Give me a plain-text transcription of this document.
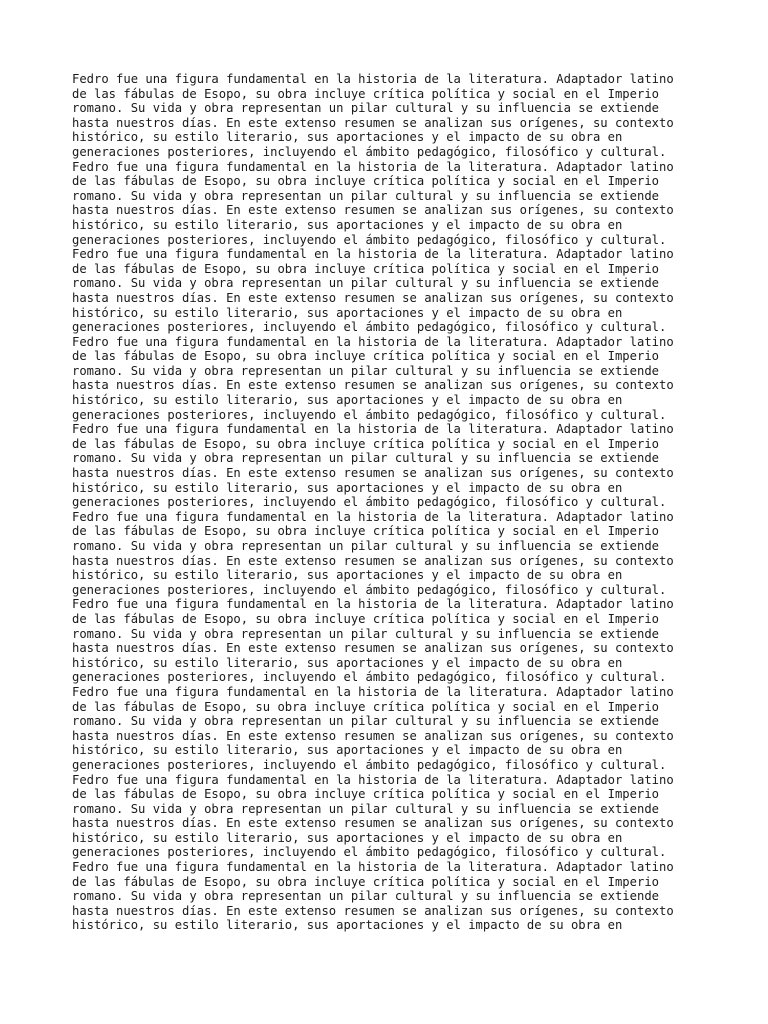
Fedro fue una figura fundamental en la historia de la literatura. Adaptador latino
de las fábulas de Esopo, su obra incluye crítica política y social en el Imperio
romano. Su vida y obra representan un pilar cultural y su influencia se extiende
hasta nuestros días. En este extenso resumen se analizan sus orígenes, su contexto
histórico, su estilo literario, sus aportaciones y el impacto de su obra en
generaciones posteriores, incluyendo el ámbito pedagógico, filosófico y cultural.
Fedro fue una figura fundamental en la historia de la literatura. Adaptador latino
de las fábulas de Esopo, su obra incluye crítica política y social en el Imperio
romano. Su vida y obra representan un pilar cultural y su influencia se extiende
hasta nuestros días. En este extenso resumen se analizan sus orígenes, su contexto
histórico, su estilo literario, sus aportaciones y el impacto de su obra en
generaciones posteriores, incluyendo el ámbito pedagógico, filosófico y cultural.
Fedro fue una figura fundamental en la historia de la literatura. Adaptador latino
de las fábulas de Esopo, su obra incluye crítica política y social en el Imperio
romano. Su vida y obra representan un pilar cultural y su influencia se extiende
hasta nuestros días. En este extenso resumen se analizan sus orígenes, su contexto
histórico, su estilo literario, sus aportaciones y el impacto de su obra en
generaciones posteriores, incluyendo el ámbito pedagógico, filosófico y cultural.
Fedro fue una figura fundamental en la historia de la literatura. Adaptador latino
de las fábulas de Esopo, su obra incluye crítica política y social en el Imperio
romano. Su vida y obra representan un pilar cultural y su influencia se extiende
hasta nuestros días. En este extenso resumen se analizan sus orígenes, su contexto
histórico, su estilo literario, sus aportaciones y el impacto de su obra en
generaciones posteriores, incluyendo el ámbito pedagógico, filosófico y cultural.
Fedro fue una figura fundamental en la historia de la literatura. Adaptador latino
de las fábulas de Esopo, su obra incluye crítica política y social en el Imperio
romano. Su vida y obra representan un pilar cultural y su influencia se extiende
hasta nuestros días. En este extenso resumen se analizan sus orígenes, su contexto
histórico, su estilo literario, sus aportaciones y el impacto de su obra en
generaciones posteriores, incluyendo el ámbito pedagógico, filosófico y cultural.
Fedro fue una figura fundamental en la historia de la literatura. Adaptador latino
de las fábulas de Esopo, su obra incluye crítica política y social en el Imperio
romano. Su vida y obra representan un pilar cultural y su influencia se extiende
hasta nuestros días. En este extenso resumen se analizan sus orígenes, su contexto
histórico, su estilo literario, sus aportaciones y el impacto de su obra en
generaciones posteriores, incluyendo el ámbito pedagógico, filosófico y cultural.
Fedro fue una figura fundamental en la historia de la literatura. Adaptador latino
de las fábulas de Esopo, su obra incluye crítica política y social en el Imperio
romano. Su vida y obra representan un pilar cultural y su influencia se extiende
hasta nuestros días. En este extenso resumen se analizan sus orígenes, su contexto
histórico, su estilo literario, sus aportaciones y el impacto de su obra en
generaciones posteriores, incluyendo el ámbito pedagógico, filosófico y cultural.
Fedro fue una figura fundamental en la historia de la literatura. Adaptador latino
de las fábulas de Esopo, su obra incluye crítica política y social en el Imperio
romano. Su vida y obra representan un pilar cultural y su influencia se extiende
hasta nuestros días. En este extenso resumen se analizan sus orígenes, su contexto
histórico, su estilo literario, sus aportaciones y el impacto de su obra en
generaciones posteriores, incluyendo el ámbito pedagógico, filosófico y cultural.
Fedro fue una figura fundamental en la historia de la literatura. Adaptador latino
de las fábulas de Esopo, su obra incluye crítica política y social en el Imperio
romano. Su vida y obra representan un pilar cultural y su influencia se extiende
hasta nuestros días. En este extenso resumen se analizan sus orígenes, su contexto
histórico, su estilo literario, sus aportaciones y el impacto de su obra en
generaciones posteriores, incluyendo el ámbito pedagógico, filosófico y cultural.
Fedro fue una figura fundamental en la historia de la literatura. Adaptador latino
de las fábulas de Esopo, su obra incluye crítica política y social en el Imperio
romano. Su vida y obra representan un pilar cultural y su influencia se extiende
hasta nuestros días. En este extenso resumen se analizan sus orígenes, su contexto
histórico, su estilo literario, sus aportaciones y el impacto de su obra en
